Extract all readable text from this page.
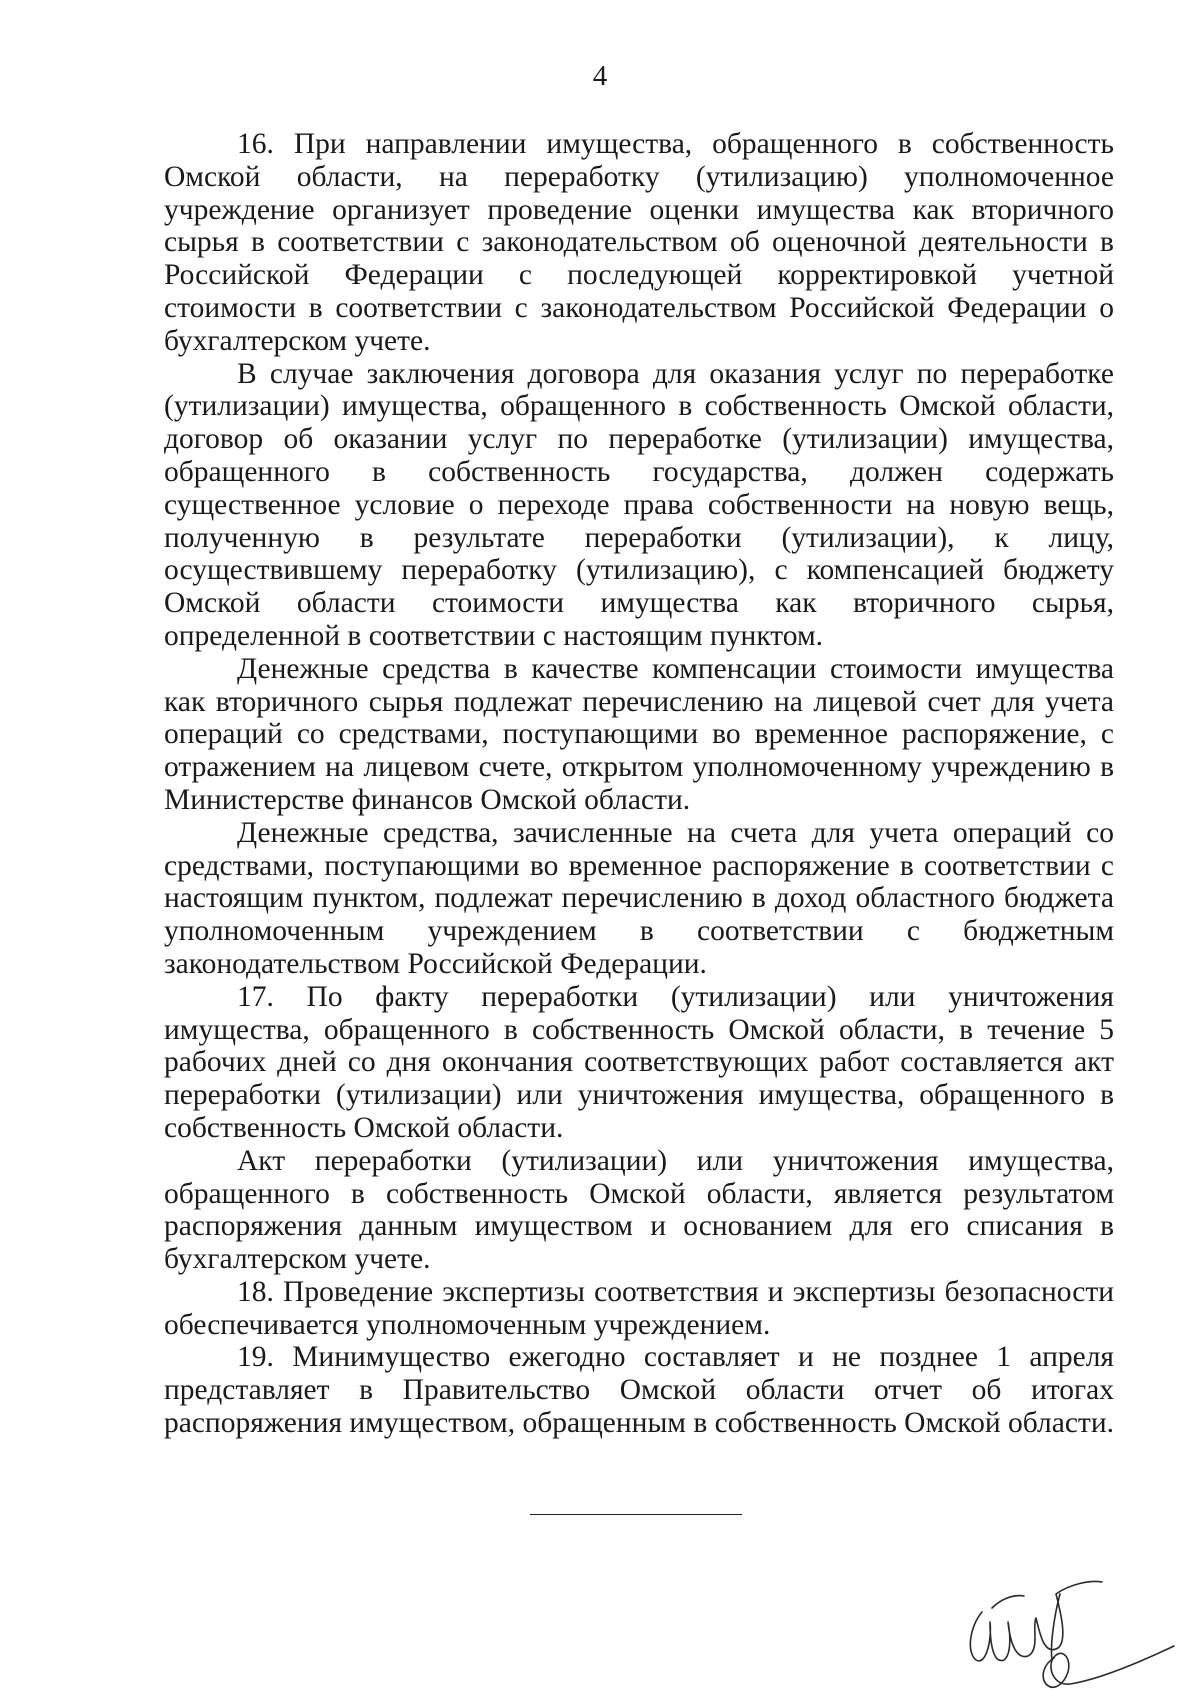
4

16. При направлении имущества, обращенного в собственность Омской области, на переработку (утилизацию) уполномоченное учреждение организует проведение оценки имущества как вторичного сырья в соответствии с законодательством об оценочной деятельности в Российской Федерации с последующей корректировкой учетной стоимости в соответствии с законодательством Российской Федерации о бухгалтерском учете.

В случае заключения договора для оказания услуг по переработке (утилизации) имущества, обращенного в собственность Омской области, договор об оказании услуг по переработке (утилизации) имущества, обращенного в собственность государства, должен содержать существенное условие о переходе права собственности на новую вещь, полученную в результате переработки (утилизации), к лицу, осуществившему переработку (утилизацию), с компенсацией бюджету Омской области стоимости имущества как вторичного сырья, определенной в соответствии с настоящим пунктом.

Денежные средства в качестве компенсации стоимости имущества как вторичного сырья подлежат перечислению на лицевой счет для учета операций со средствами, поступающими во временное распоряжение, с отражением на лицевом счете, открытом уполномоченному учреждению в Министерстве финансов Омской области.

Денежные средства, зачисленные на счета для учета операций со средствами, поступающими во временное распоряжение в соответствии с настоящим пунктом, подлежат перечислению в доход областного бюджета уполномоченным учреждением в соответствии с бюджетным законодательством Российской Федерации.

17. По факту переработки (утилизации) или уничтожения имущества, обращенного в собственность Омской области, в течение 5 рабочих дней со дня окончания соответствующих работ составляется акт переработки (утилизации) или уничтожения имущества, обращенного в собственность Омской области.

Акт переработки (утилизации) или уничтожения имущества, обращенного в собственность Омской области, является результатом распоряжения данным имуществом и основанием для его списания в бухгалтерском учете.

18. Проведение экспертизы соответствия и экспертизы безопасности обеспечивается уполномоченным учреждением.

19. Минимущество ежегодно составляет и не позднее 1 апреля представляет в Правительство Омской области отчет об итогах распоряжения имуществом, обращенным в собственность Омской области.
